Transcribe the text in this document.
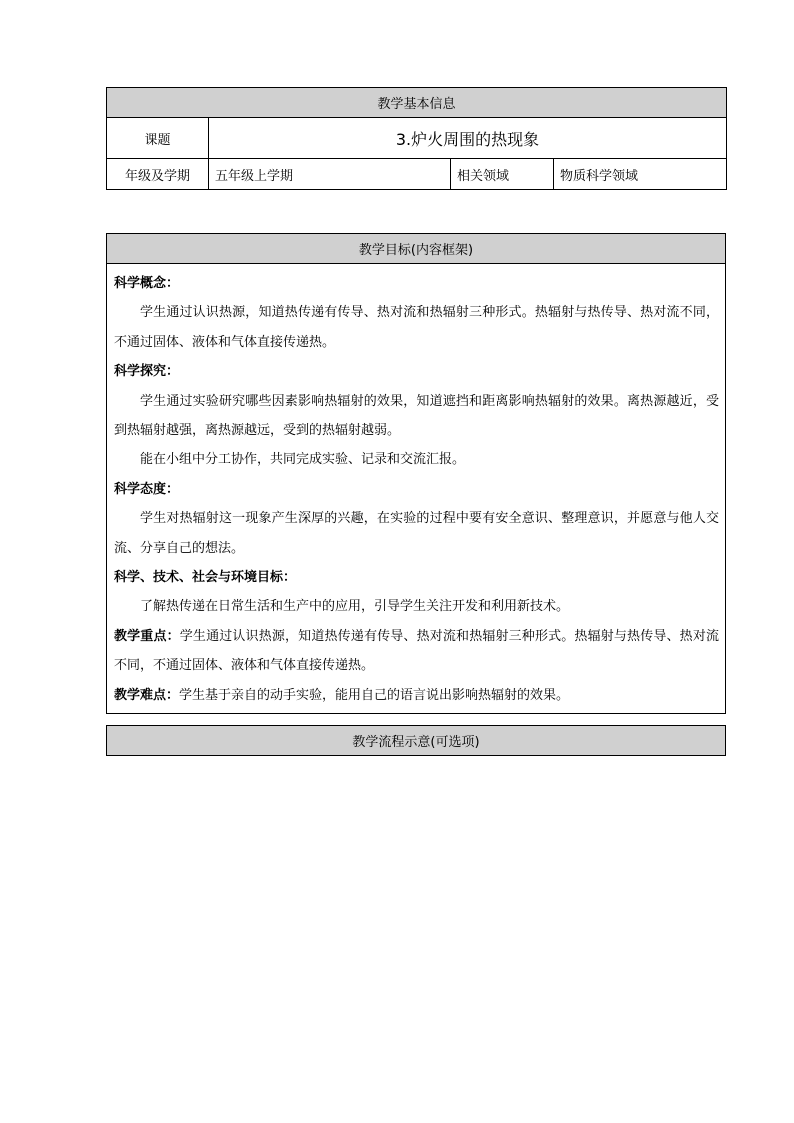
教学基本信息			
课题	3.炉火周围的热现象		
年级及学期	五年级上学期	相关领域	物质科学领域
教学目标(内容框架)

科学概念：

学生通过认识热源，知道热传递有传导、热对流和热辐射三种形式。热辐射与热传导、热对流不同，不通过固体、液体和气体直接传递热。

科学探究：

学生通过实验研究哪些因素影响热辐射的效果，知道遮挡和距离影响热辐射的效果。离热源越近，受到热辐射越强，离热源越远，受到的热辐射越弱。

能在小组中分工协作，共同完成实验、记录和交流汇报。

科学态度：

学生对热辐射这一现象产生深厚的兴趣，在实验的过程中要有安全意识、整理意识，并愿意与他人交流、分享自己的想法。

科学、技术、社会与环境目标：

了解热传递在日常生活和生产中的应用，引导学生关注开发和利用新技术。

教学重点：学生通过认识热源，知道热传递有传导、热对流和热辐射三种形式。热辐射与热传导、热对流不同，不通过固体、液体和气体直接传递热。

教学难点：学生基于亲自的动手实验，能用自己的语言说出影响热辐射的效果。

教学流程示意(可选项)
